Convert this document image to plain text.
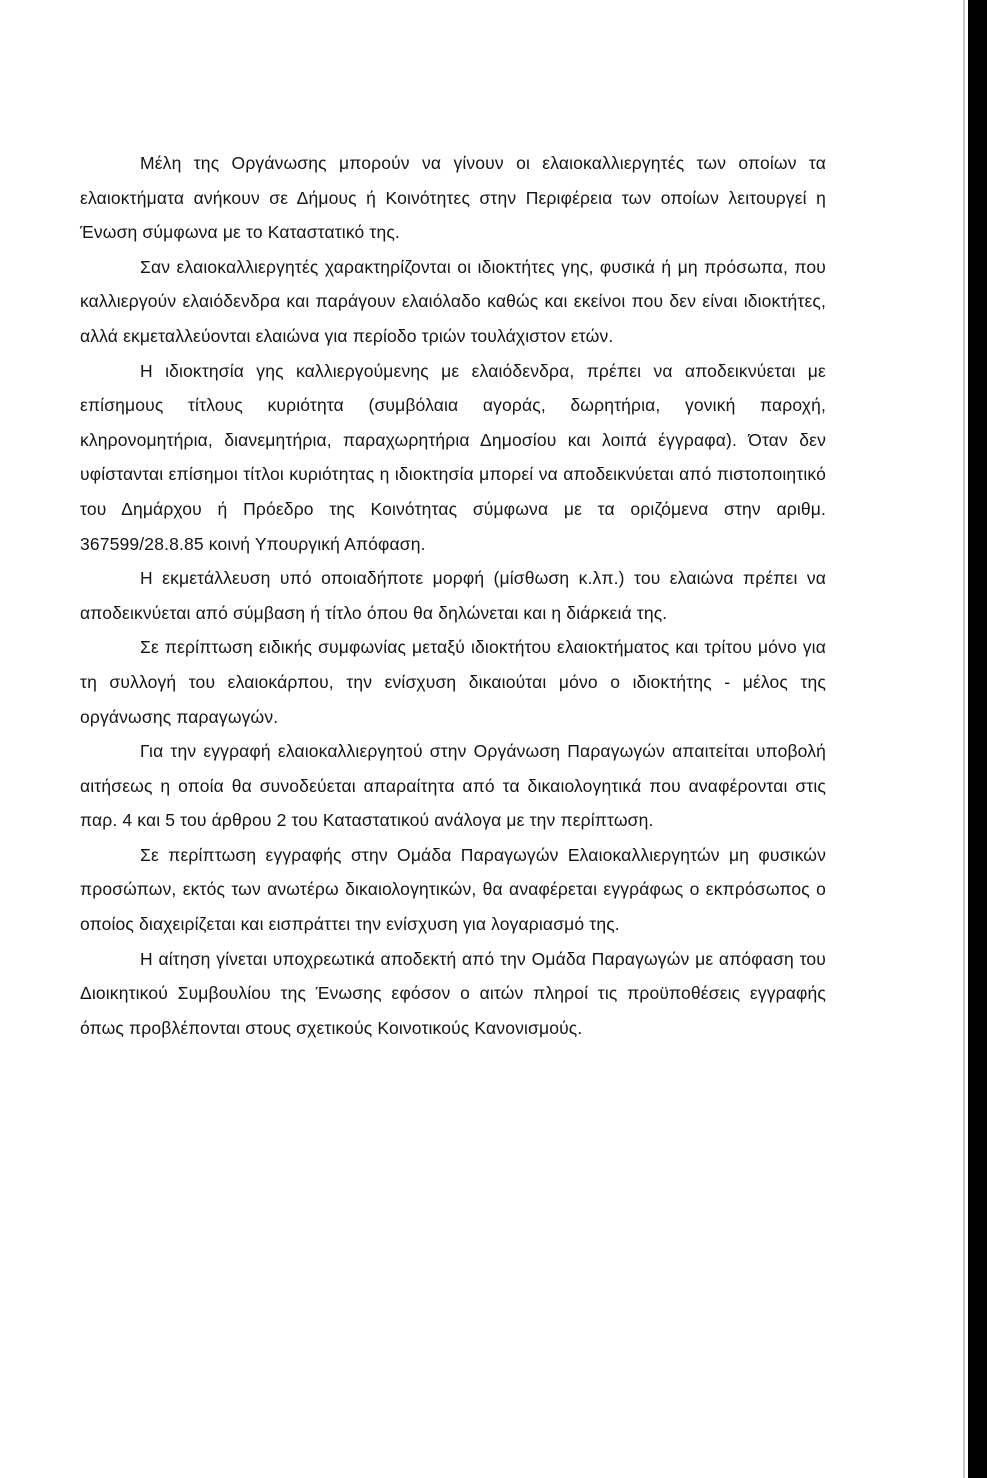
Μέλη της Οργάνωσης μπορούν να γίνουν οι ελαιοκαλλιεργητές των οποίων τα ελαιοκτήματα ανήκουν σε Δήμους ή Κοινότητες στην Περιφέρεια των οποίων λειτουργεί η Ένωση σύμφωνα με το Καταστατικό της.

Σαν ελαιοκαλλιεργητές χαρακτηρίζονται οι ιδιοκτήτες γης, φυσικά ή μη πρόσωπα, που καλλιεργούν ελαιόδενδρα και παράγουν ελαιόλαδο καθώς και εκείνοι που δεν είναι ιδιοκτήτες, αλλά εκμεταλλεύονται ελαιώνα για περίοδο τριών τουλάχιστον ετών.

Η ιδιοκτησία γης καλλιεργούμενης με ελαιόδενδρα, πρέπει να αποδεικνύεται με επίσημους τίτλους κυριότητα (συμβόλαια αγοράς, δωρητήρια, γονική παροχή, κληρονομητήρια, διανεμητήρια, παραχωρητήρια Δημοσίου και λοιπά έγγραφα). Όταν δεν υφίστανται επίσημοι τίτλοι κυριότητας η ιδιοκτησία μπορεί να αποδεικνύεται από πιστοποιητικό του Δημάρχου ή Πρόεδρο της Κοινότητας σύμφωνα με τα οριζόμενα στην αριθμ. 367599/28.8.85 κοινή Υπουργική Απόφαση.

Η εκμετάλλευση υπό οποιαδήποτε μορφή (μίσθωση κ.λπ.) του ελαιώνα πρέπει να αποδεικνύεται από σύμβαση ή τίτλο όπου θα δηλώνεται και η διάρκειά της.

Σε περίπτωση ειδικής συμφωνίας μεταξύ ιδιοκτήτου ελαιοκτήματος και τρίτου μόνο για τη συλλογή του ελαιοκάρπου, την ενίσχυση δικαιούται μόνο ο ιδιοκτήτης - μέλος της οργάνωσης παραγωγών.

Για την εγγραφή ελαιοκαλλιεργητού στην Οργάνωση Παραγωγών απαιτείται υποβολή αιτήσεως η οποία θα συνοδεύεται απαραίτητα από τα δικαιολογητικά που αναφέρονται στις παρ. 4 και 5 του άρθρου 2 του Καταστατικού ανάλογα με την περίπτωση.

Σε περίπτωση εγγραφής στην Ομάδα Παραγωγών Ελαιοκαλλιεργητών μη φυσικών προσώπων, εκτός των ανωτέρω δικαιολογητικών, θα αναφέρεται εγγράφως ο εκπρόσωπος ο οποίος διαχειρίζεται και εισπράττει την ενίσχυση για λογαριασμό της.

Η αίτηση γίνεται υποχρεωτικά αποδεκτή από την Ομάδα Παραγωγών με απόφαση του Διοικητικού Συμβουλίου της Ένωσης εφόσον ο αιτών πληροί τις προϋποθέσεις εγγραφής όπως προβλέπονται στους σχετικούς Κοινοτικούς Κανονισμούς.
